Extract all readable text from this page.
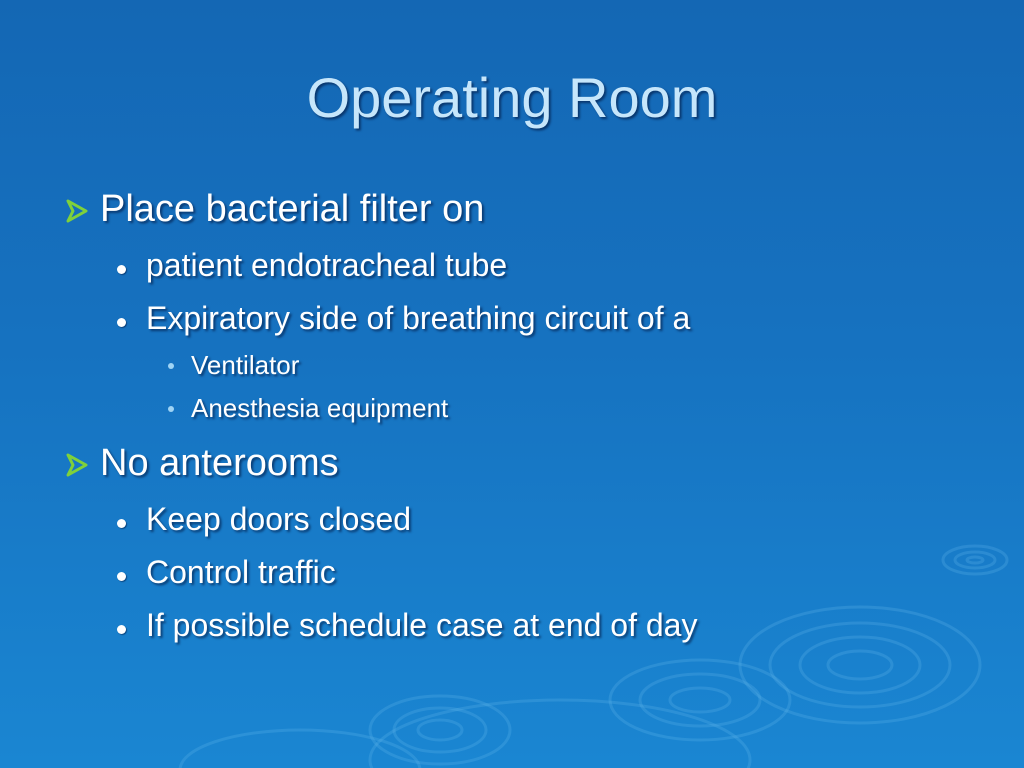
Operating Room
Place bacterial filter on
patient endotracheal tube
Expiratory side of breathing circuit of a
Ventilator
Anesthesia equipment
No anterooms
Keep doors closed
Control traffic
If possible schedule case at end of day
